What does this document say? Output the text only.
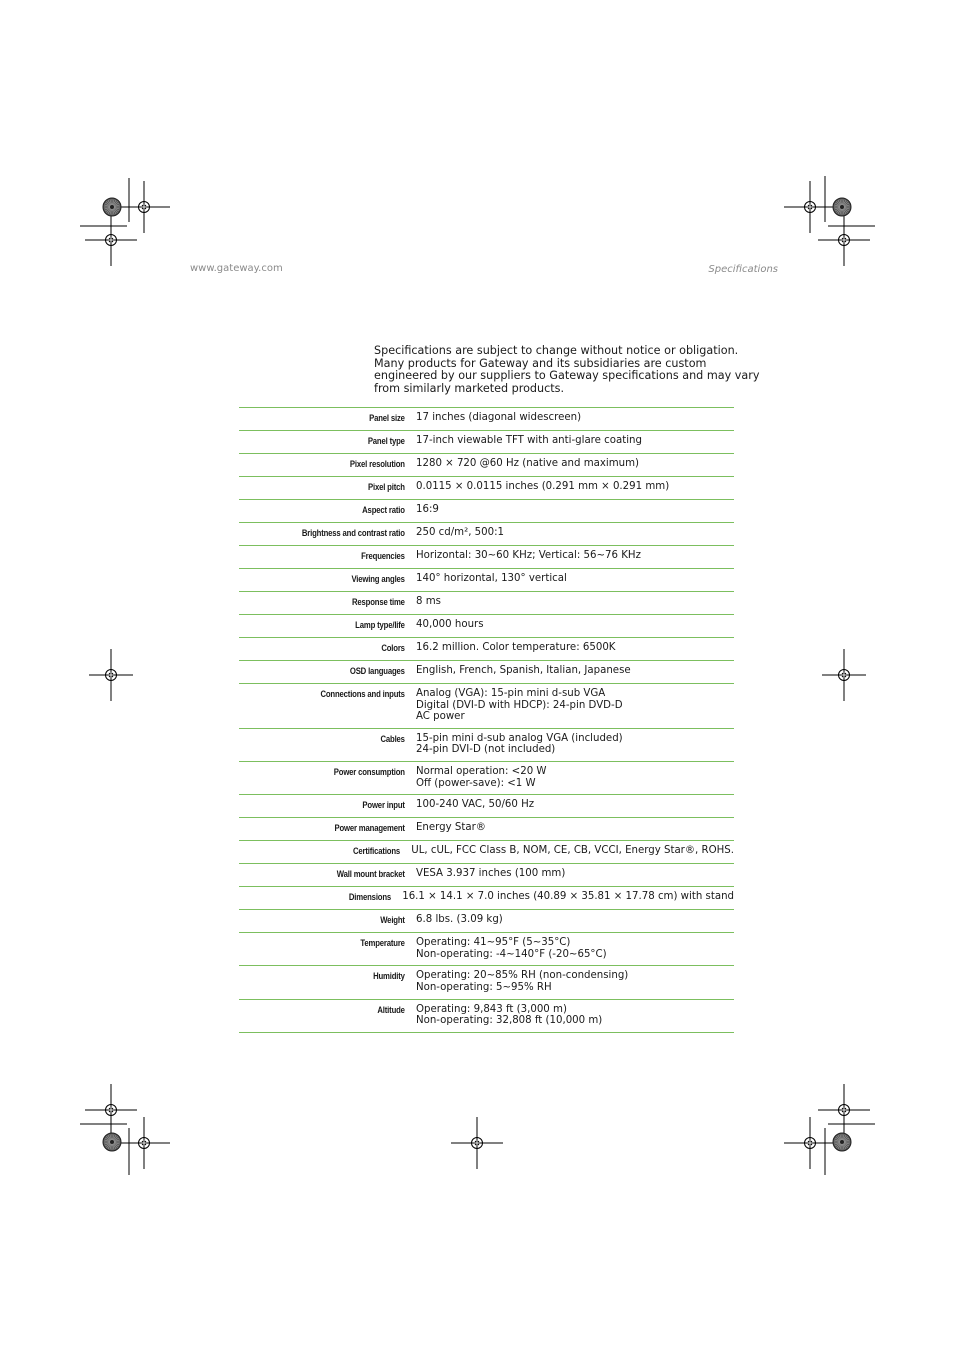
www.gateway.com	Specifications
Specifications are subject to change without notice or obligation. Many products for Gateway and its subsidiaries are custom engineered by our suppliers to Gateway specifications and may vary from similarly marketed products.
Panel size	17 inches (diagonal widescreen)
Panel type	17-inch viewable TFT with anti-glare coating
Pixel resolution	1280 × 720 @60 Hz (native and maximum)
Pixel pitch	0.0115 × 0.0115 inches (0.291 mm × 0.291 mm)
Aspect ratio	16:9
Brightness and contrast ratio	250 cd/m², 500:1
Frequencies	Horizontal: 30~60 KHz; Vertical: 56~76 KHz
Viewing angles	140° horizontal, 130° vertical
Response time	8 ms
Lamp type/life	40,000 hours
Colors	16.2 million. Color temperature: 6500K
OSD languages	English, French, Spanish, Italian, Japanese
Connections and inputs	Analog (VGA): 15-pin mini d-sub VGA
Digital (DVI-D with HDCP): 24-pin DVD-D
AC power
Cables	15-pin mini d-sub analog VGA (included)
24-pin DVI-D (not included)
Power consumption	Normal operation: <20 W
Off (power-save): <1 W
Power input	100-240 VAC, 50/60 Hz
Power management	Energy Star®
Certifications	UL, cUL, FCC Class B, NOM, CE, CB, VCCI, Energy Star®, ROHS.
Wall mount bracket	VESA 3.937 inches (100 mm)
Dimensions	16.1 × 14.1 × 7.0 inches (40.89 × 35.81 × 17.78 cm) with stand
Weight	6.8 lbs. (3.09 kg)
Temperature	Operating: 41~95°F (5~35°C)
Non-operating: -4~140°F (-20~65°C)
Humidity	Operating: 20~85% RH (non-condensing)
Non-operating: 5~95% RH
Altitude	Operating: 9,843 ft (3,000 m)
Non-operating: 32,808 ft (10,000 m)
